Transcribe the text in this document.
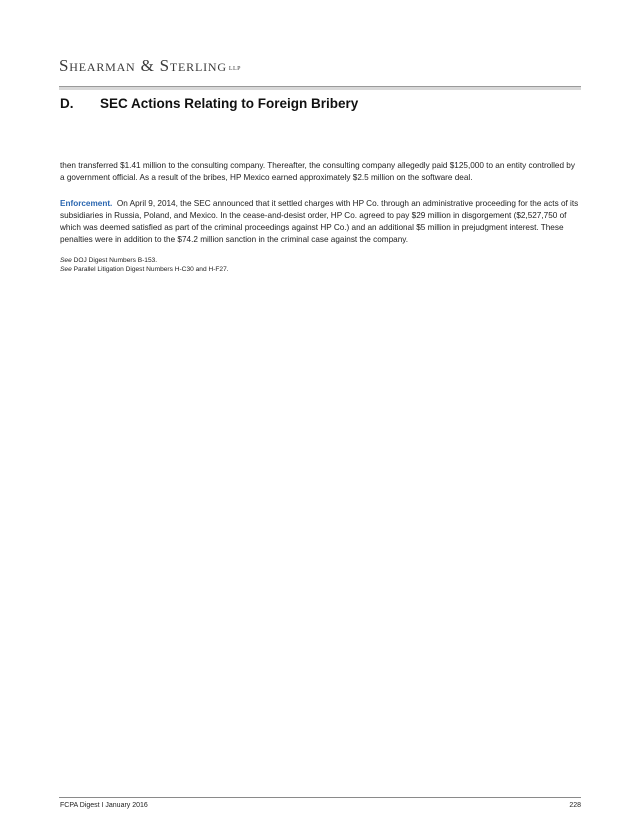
Shearman & Sterling llp
D. SEC Actions Relating to Foreign Bribery
then transferred $1.41 million to the consulting company. Thereafter, the consulting company allegedly paid $125,000 to an entity controlled by a government official. As a result of the bribes, HP Mexico earned approximately $2.5 million on the software deal.
Enforcement. On April 9, 2014, the SEC announced that it settled charges with HP Co. through an administrative proceeding for the acts of its subsidiaries in Russia, Poland, and Mexico. In the cease-and-desist order, HP Co. agreed to pay $29 million in disgorgement ($2,527,750 of which was deemed satisfied as part of the criminal proceedings against HP Co.) and an additional $5 million in prejudgment interest. These penalties were in addition to the $74.2 million sanction in the criminal case against the company.
See DOJ Digest Numbers B-153.
See Parallel Litigation Digest Numbers H-C30 and H-F27.
FCPA Digest I January 2016	228
